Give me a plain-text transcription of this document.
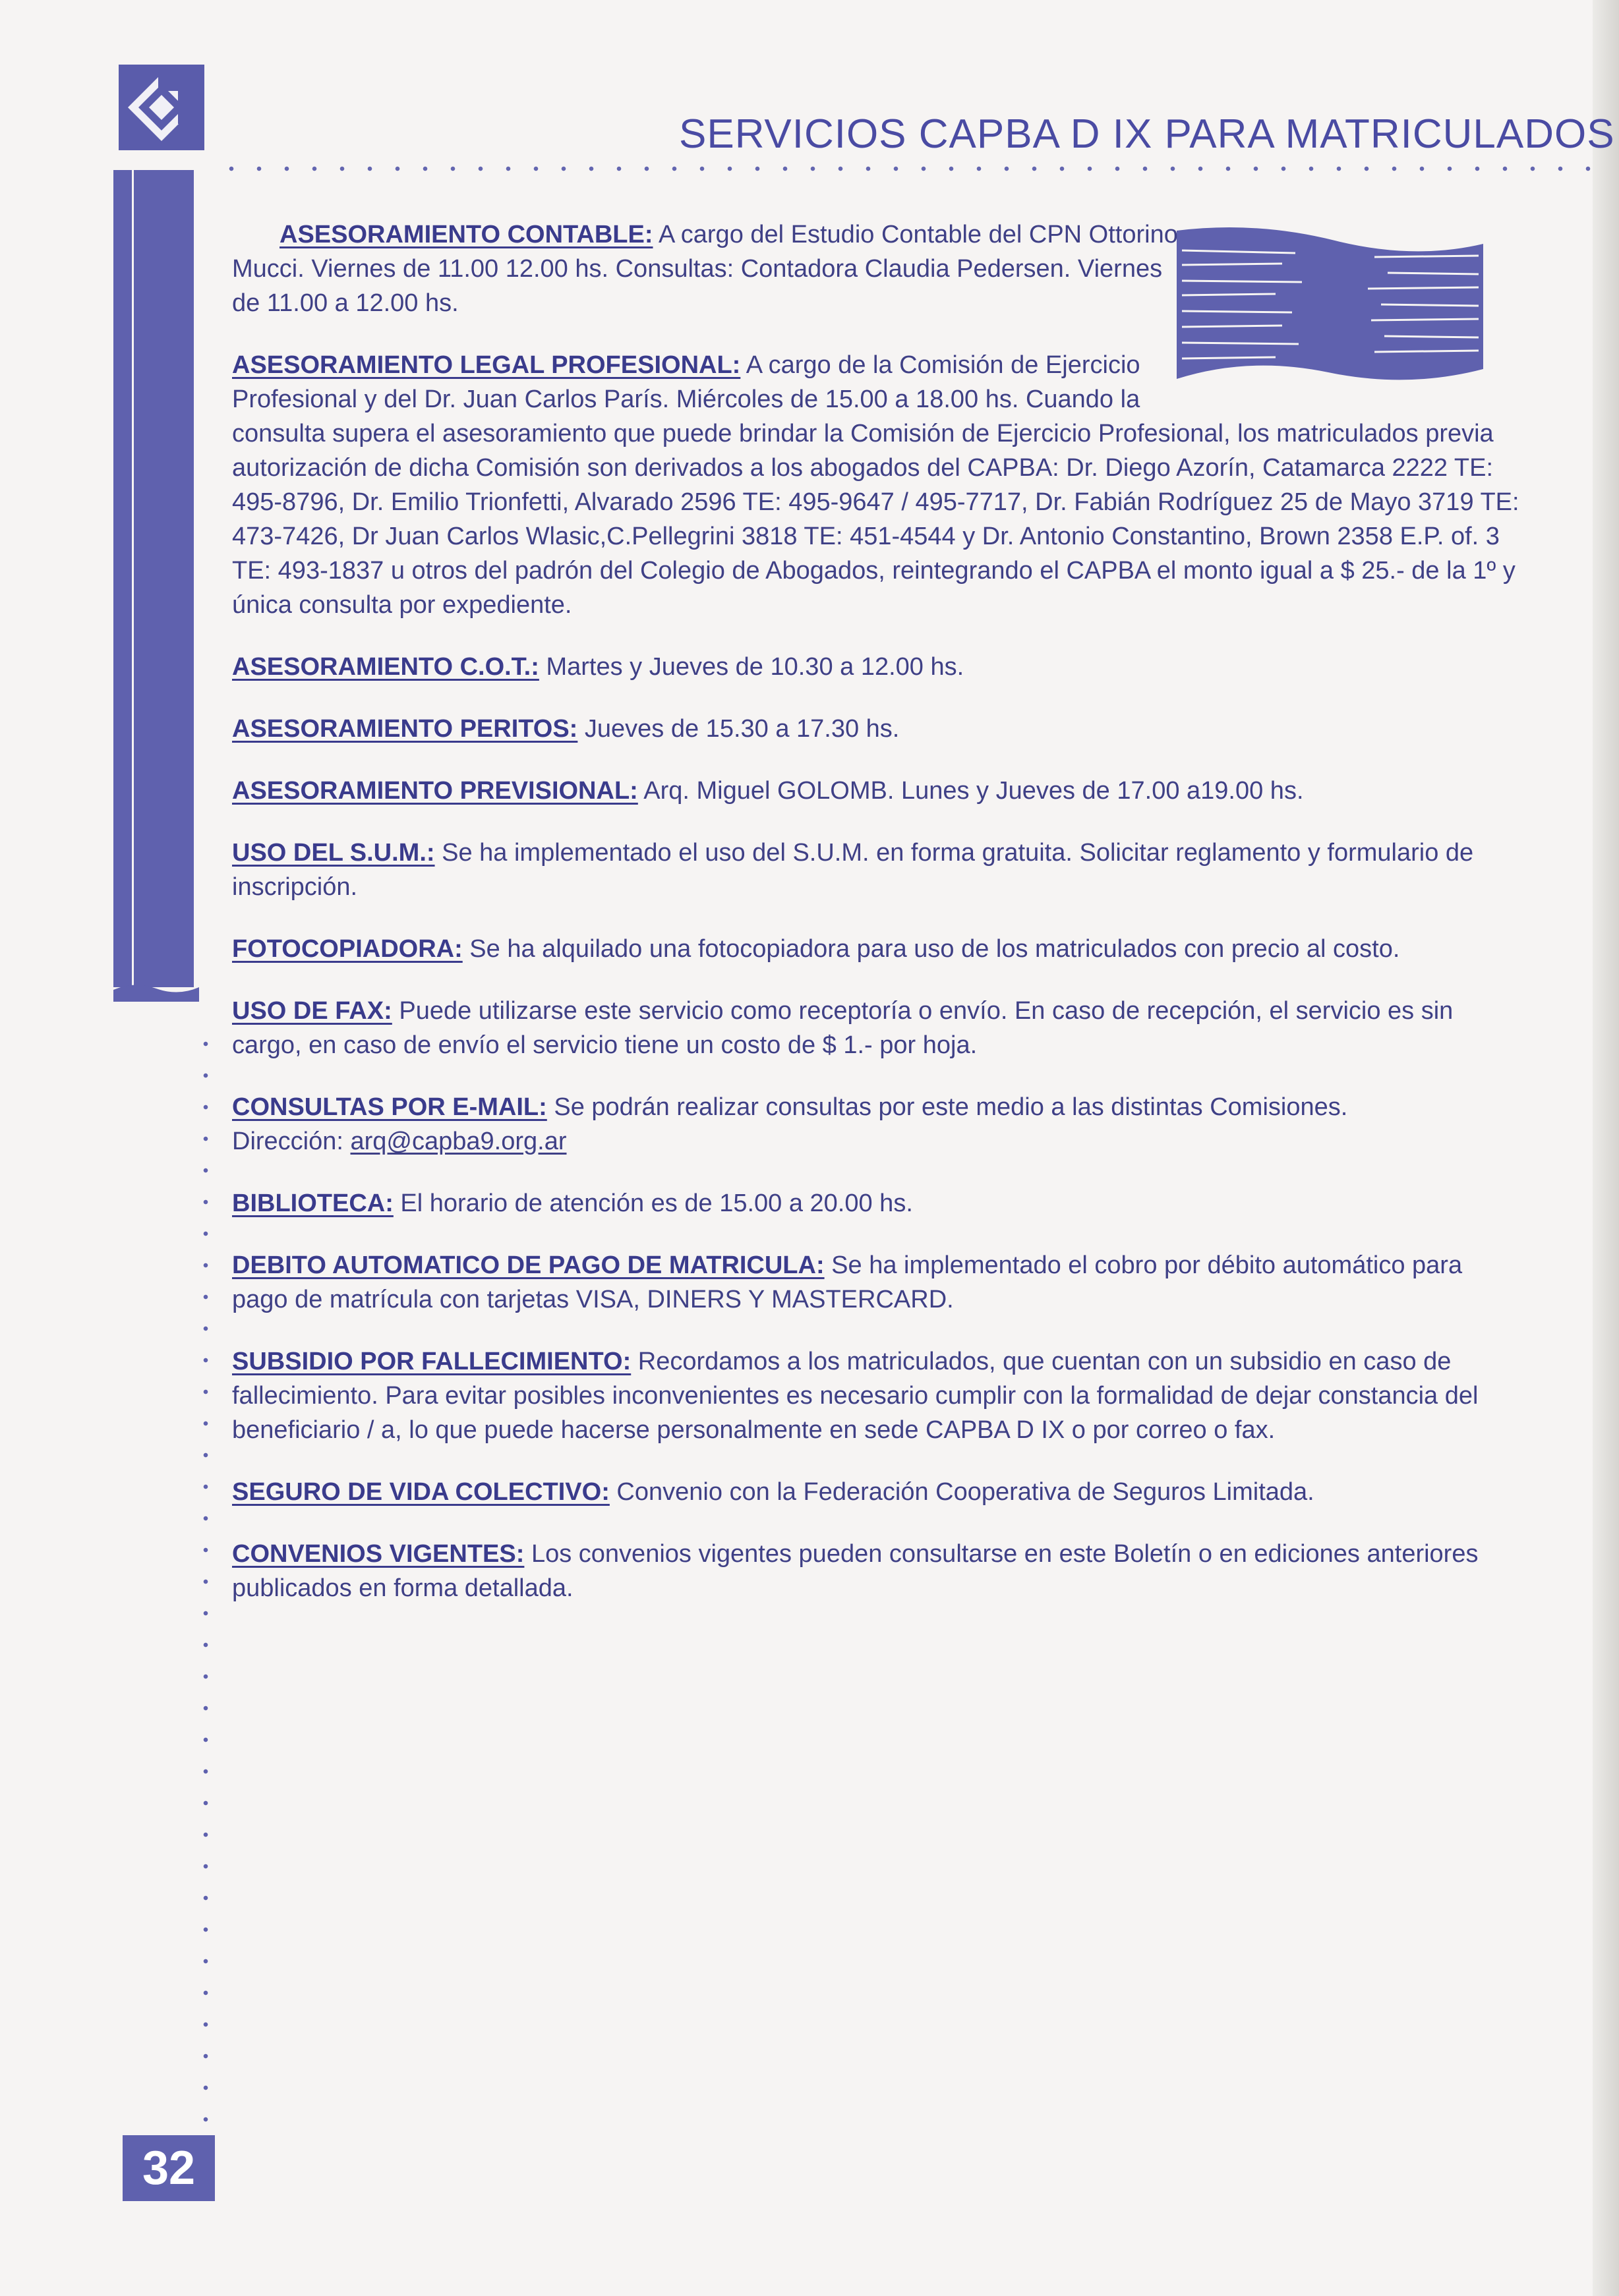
SERVICIOS CAPBA D IX PARA MATRICULADOS
ASESORAMIENTO CONTABLE: A cargo del Estudio Contable del CPN Ottorino Mucci. Viernes de 11.00 12.00 hs. Consultas: Contadora Claudia Pedersen. Viernes de 11.00 a 12.00 hs.
ASESORAMIENTO LEGAL PROFESIONAL: A cargo de la Comisión de Ejercicio Profesional y del Dr. Juan Carlos París. Miércoles de 15.00 a 18.00 hs. Cuando la
consulta supera el asesoramiento que puede brindar la Comisión de Ejercicio Profesional, los matriculados previa autorización de dicha Comisión son derivados a los abogados del CAPBA: Dr. Diego Azorín, Catamarca 2222 TE: 495-8796, Dr. Emilio Trionfetti, Alvarado 2596 TE: 495-9647 / 495-7717, Dr. Fabián Rodríguez 25 de Mayo 3719 TE: 473-7426, Dr Juan Carlos Wlasic,C.Pellegrini 3818 TE: 451-4544 y Dr. Antonio Constantino, Brown 2358 E.P. of. 3 TE: 493-1837 u otros del padrón del Colegio de Abogados, reintegrando el CAPBA el monto igual a $ 25.- de la 1º y única consulta por expediente.
ASESORAMIENTO C.O.T.: Martes y Jueves de 10.30 a 12.00 hs.
ASESORAMIENTO PERITOS: Jueves de 15.30 a 17.30 hs.
ASESORAMIENTO PREVISIONAL: Arq. Miguel GOLOMB. Lunes y Jueves de 17.00 a19.00 hs.
USO DEL S.U.M.: Se ha implementado el uso del S.U.M. en forma gratuita. Solicitar reglamento y formulario de inscripción.
FOTOCOPIADORA: Se ha alquilado una fotocopiadora para uso de los matriculados con precio al costo.
USO DE FAX: Puede utilizarse este servicio como receptoría o envío. En caso de recepción, el servicio es sin cargo, en caso de envío el servicio tiene un costo de $ 1.- por hoja.
CONSULTAS POR E-MAIL: Se podrán realizar consultas por este medio a las distintas Comisiones.
Dirección: arq@capba9.org.ar
BIBLIOTECA: El horario de atención es de 15.00 a 20.00 hs.
DEBITO AUTOMATICO DE PAGO DE MATRICULA: Se ha implementado el cobro por débito automático para pago de matrícula con tarjetas VISA, DINERS Y MASTERCARD.
SUBSIDIO POR FALLECIMIENTO: Recordamos a los matriculados, que cuentan con un subsidio en caso de fallecimiento. Para evitar posibles inconvenientes es necesario cumplir con la formalidad de dejar constancia del beneficiario / a, lo que puede hacerse personalmente en sede CAPBA D IX o por correo o fax.
SEGURO DE VIDA COLECTIVO: Convenio con la Federación Cooperativa de Seguros Limitada.
CONVENIOS VIGENTES: Los convenios vigentes pueden consultarse en este Boletín o en ediciones anteriores publicados en forma detallada.
32
